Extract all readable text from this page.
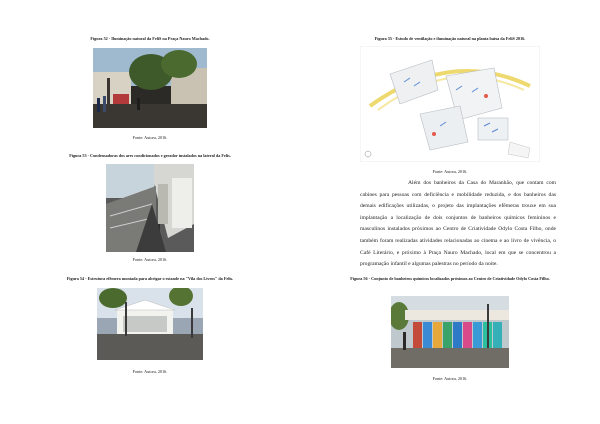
Figura 52 - Iluminação natural da FeliS na Praça Nauro Machado.
Fonte: Autora, 2016.
Figura 53 - Condensadoras dos ares condicionados e gerador instalados na lateral da Felis.
Fonte: Autora, 2016.
Figura 54 - Estrutura efêmera montada para abrigar o estande na "Vila dos Livros" da Felis.
Fonte: Autora, 2016.
Figura 55 - Estudo de ventilação e iluminação natural na planta baixa da FeliS 2016.
Fonte: Autora, 2016.

Além dos banheiros da Casa do Maranhão, que contam com cabines para pessoas com deficiência e mobilidade reduzida, e dos banheiros das demais edificações utilizadas, o projeto das implantações efêmeras trouxe em sua implantação a localização de dois conjuntos de banheiros químicos femininos e masculinos instalados próximos ao Centro de Criatividade Odylo Costa Filho, onde também foram realizadas atividades relacionadas ao cinema e ao livro de vivência, o Café Literário, e próximo à Praça Nauro Machado, local em que se concentrou a programação infantil e algumas palestras no período da noite.

Figura 56 - Conjunto de banheiros químicos localizados próximos ao Centro de Criatividade Odylo Costa Filho.
Fonte: Autora, 2016.
